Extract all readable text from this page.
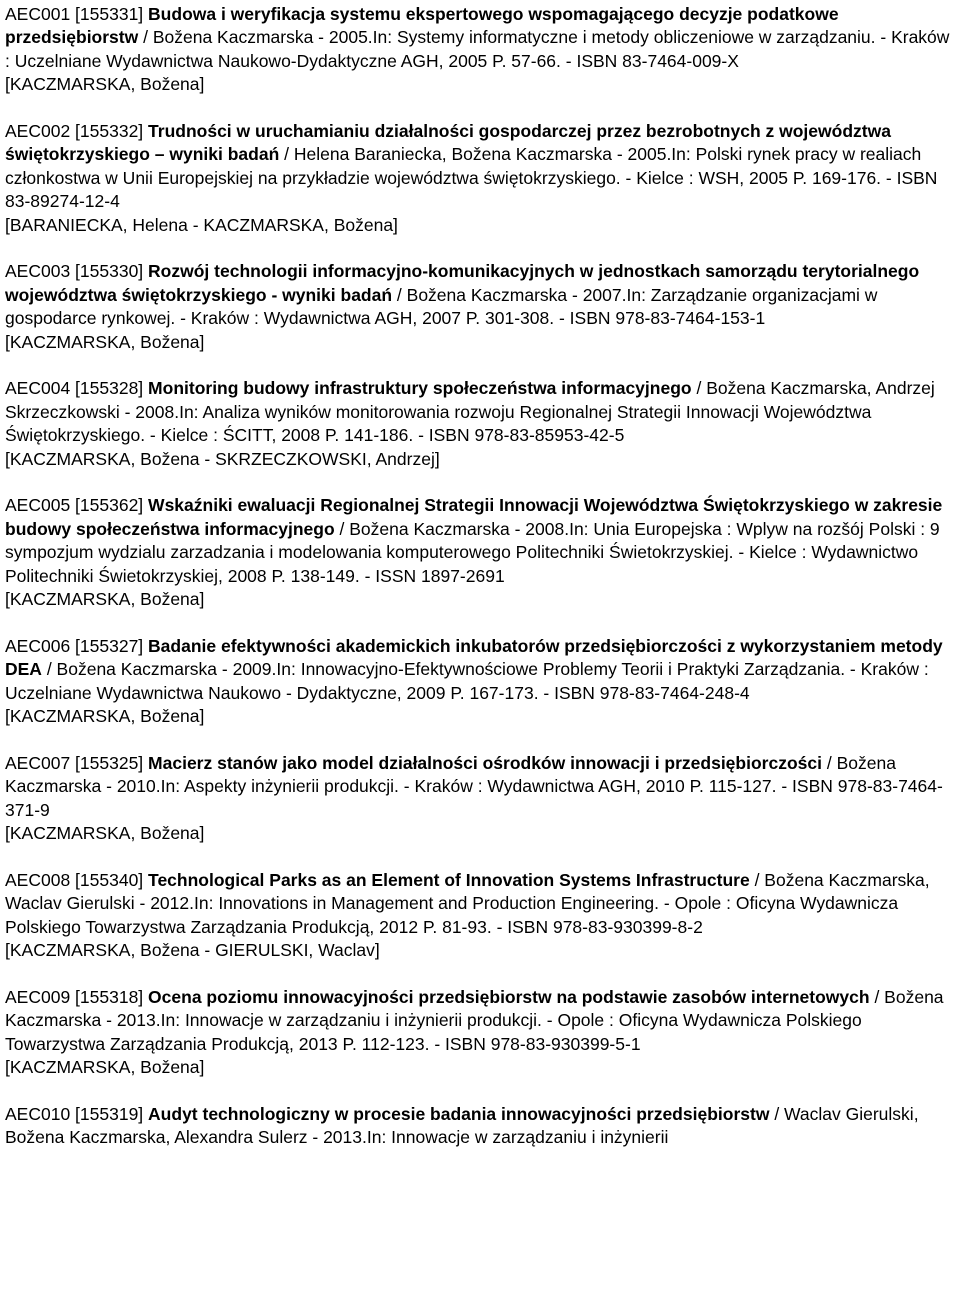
AEC001 [155331] Budowa i weryfikacja systemu ekspertowego wspomagającego decyzje podatkowe przedsiębiorstw / Božena Kaczmarska - 2005.In: Systemy informatyczne i metody obliczeniowe w zarządzaniu. - Kraków : Uczelniane Wydawnictwa Naukowo-Dydaktyczne AGH, 2005 P. 57-66. - ISBN 83-7464-009-X

[KACZMARSKA, Božena]

AEC002 [155332] Trudności w uruchamianiu działalności gospodarczej przez bezrobotnych z województwa świętokrzyskiego – wyniki badań / Helena Baraniecka, Božena Kaczmarska - 2005.In: Polski rynek pracy w realiach członkostwa w Unii Europejskiej na przykładzie województwa świętokrzyskiego. - Kielce : WSH, 2005 P. 169-176. - ISBN 83-89274-12-4

[BARANIECKA, Helena - KACZMARSKA, Božena]

AEC003 [155330] Rozwój technologii informacyjno-komunikacyjnych w jednostkach samorządu terytorialnego województwa świętokrzyskiego - wyniki badań / Božena Kaczmarska - 2007.In: Zarządzanie organizacjami w gospodarce rynkowej. - Kraków : Wydawnictwa AGH, 2007 P. 301-308. - ISBN 978-83-7464-153-1

[KACZMARSKA, Božena]

AEC004 [155328] Monitoring budowy infrastruktury społeczeństwa informacyjnego / Božena Kaczmarska, Andrzej Skrzeczkowski - 2008.In: Analiza wyników monitorowania rozwoju Regionalnej Strategii Innowacji Województwa Świętokrzyskiego. - Kielce : ŚCITT, 2008 P. 141-186. - ISBN 978-83-85953-42-5

[KACZMARSKA, Božena - SKRZECZKOWSKI, Andrzej]

AEC005 [155362] Wskaźniki ewaluacji Regionalnej Strategii Innowacji Województwa Świętokrzyskiego w zakresie budowy społeczeństwa informacyjnego / Božena Kaczmarska - 2008.In: Unia Europejska : Wplyw na rozšój Polski : 9 sympozjum wydzialu zarzadzania i modelowania komputerowego Politechniki Świetokrzyskiej. - Kielce : Wydawnictwo Politechniki Świetokrzyskiej, 2008 P. 138-149. - ISSN 1897-2691

[KACZMARSKA, Božena]

AEC006 [155327] Badanie efektywności akademickich inkubatorów przedsiębiorczości z wykorzystaniem metody DEA / Božena Kaczmarska - 2009.In: Innowacyjno-Efektywnościowe Problemy Teorii i Praktyki Zarządzania. - Kraków : Uczelniane Wydawnictwa Naukowo - Dydaktyczne, 2009 P. 167-173. - ISBN 978-83-7464-248-4

[KACZMARSKA, Božena]

AEC007 [155325] Macierz stanów jako model działalności ośrodków innowacji i przedsiębiorczości / Božena Kaczmarska - 2010.In: Aspekty inżynierii produkcji. - Kraków : Wydawnictwa AGH, 2010 P. 115-127. - ISBN 978-83-7464-371-9

[KACZMARSKA, Božena]

AEC008 [155340] Technological Parks as an Element of Innovation Systems Infrastructure / Božena Kaczmarska, Waclav Gierulski - 2012.In: Innovations in Management and Production Engineering. - Opole : Oficyna Wydawnicza Polskiego Towarzystwa Zarządzania Produkcją, 2012 P. 81-93. - ISBN 978-83-930399-8-2

[KACZMARSKA, Božena - GIERULSKI, Waclav]

AEC009 [155318] Ocena poziomu innowacyjności przedsiębiorstw na podstawie zasobów internetowych / Božena Kaczmarska - 2013.In: Innowacje w zarządzaniu i inżynierii produkcji. - Opole : Oficyna Wydawnicza Polskiego Towarzystwa Zarządzania Produkcją, 2013 P. 112-123. - ISBN 978-83-930399-5-1

[KACZMARSKA, Božena]

AEC010 [155319] Audyt technologiczny w procesie badania innowacyjności przedsiębiorstw / Waclav Gierulski, Božena Kaczmarska, Alexandra Sulerz - 2013.In: Innowacje w zarządzaniu i inżynierii
